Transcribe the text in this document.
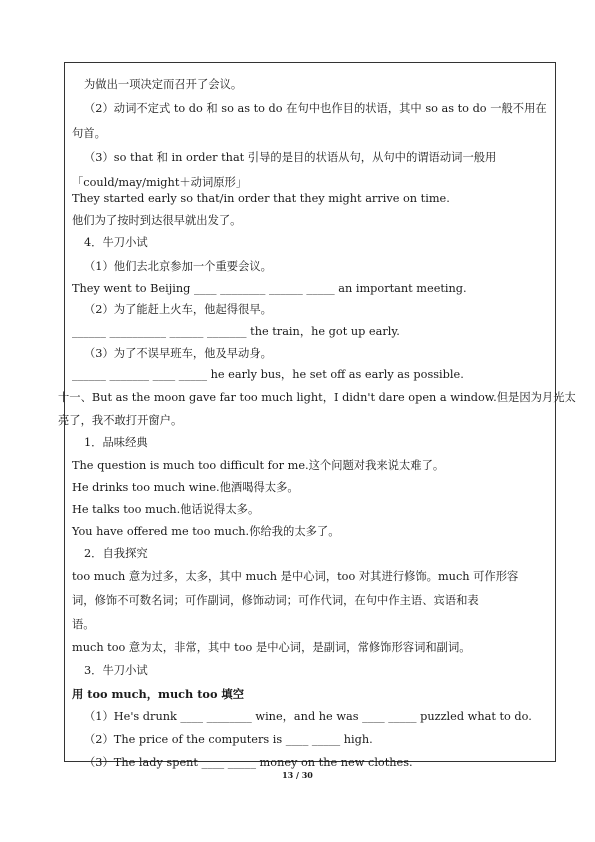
为做出一项决定而召开了会议。
（2）动词不定式 to do 和 so as to do 在句中也作目的状语，其中 so as to do 一般不用在
句首。
（3）so that 和 in order that 引导的是目的状语从句，从句中的谓语动词一般用
「could/may/might＋动词原形」
They started early so that/in order that they might arrive on time.
他们为了按时到达很早就出发了。
4．牛刀小试
（1）他们去北京参加一个重要会议。
They went to Beijing ____ ________ ______ _____ an important meeting.
（2）为了能赶上火车，他起得很早。
______ __________ ______ _______ the train，he got up early.
（3）为了不误早班车，他及早动身。
______ _______ ____ _____ he early bus，he set off as early as possible.
十一、But as the moon gave far too much light，I didn't dare open a window.但是因为月光太
亮了，我不敢打开窗户。
1．品味经典
The question is much too difficult for me.这个问题对我来说太难了。
He drinks too much wine.他酒喝得太多。
He talks too much.他话说得太多。
You have offered me too much.你给我的太多了。
2．自我探究
too much 意为过多，太多，其中 much 是中心词，too 对其进行修饰。much 可作形容
词，修饰不可数名词；可作副词，修饰动词；可作代词，在句中作主语、宾语和表
语。
much too 意为太，非常，其中 too 是中心词，是副词，常修饰形容词和副词。
3．牛刀小试
用 too much，much too 填空
（1）He's drunk ____ ________ wine，and he was ____ _____ puzzled what to do.
（2）The price of the computers is ____ _____ high.
（3）The lady spent ____ _____ money on the new clothes.
13 / 30
